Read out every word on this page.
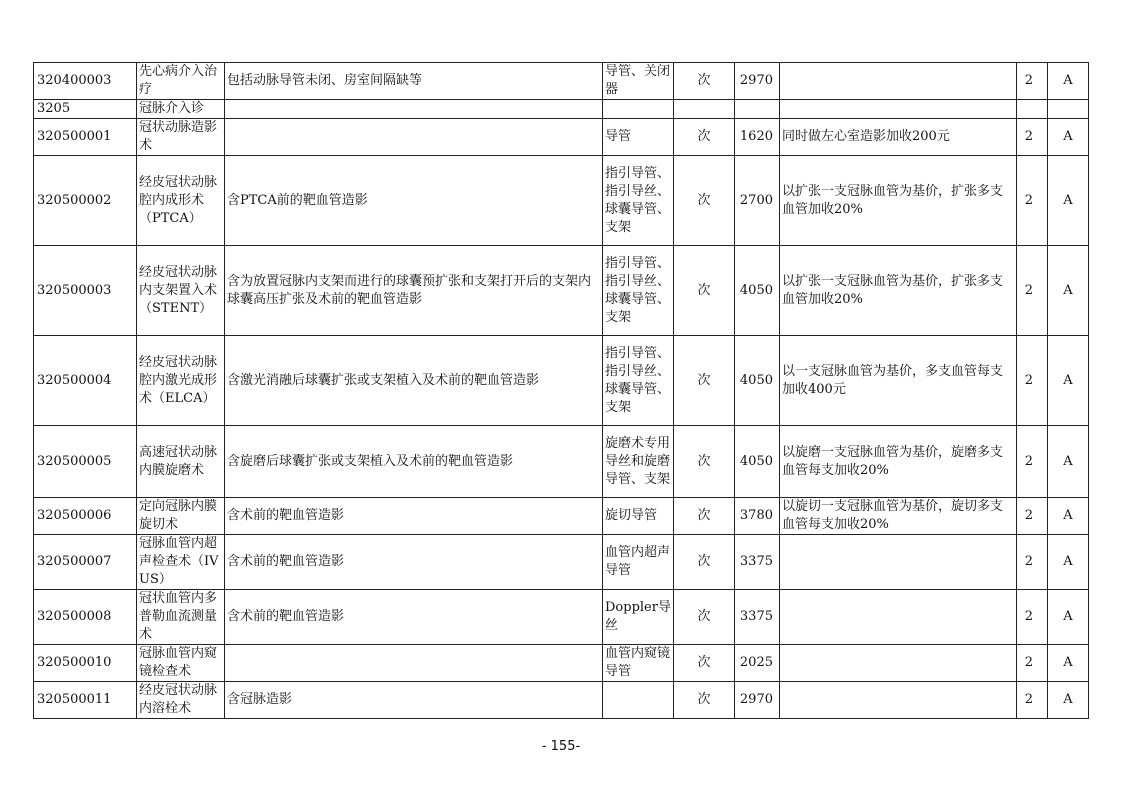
320400003	先心病介入治疗	包括动脉导管未闭、房室间隔缺等	导管、关闭器	次	2970		2	A
3205	冠脉介入诊							
320500001	冠状动脉造影术		导管	次	1620	同时做左心室造影加收200元	2	A
320500002	经皮冠状动脉腔内成形术（PTCA）	含PTCA前的靶血管造影	指引导管、指引导丝、球囊导管、支架	次	2700	以扩张一支冠脉血管为基价，扩张多支血管加收20%	2	A
320500003	经皮冠状动脉内支架置入术（STENT）	含为放置冠脉内支架而进行的球囊预扩张和支架打开后的支架内球囊高压扩张及术前的靶血管造影	指引导管、指引导丝、球囊导管、支架	次	4050	以扩张一支冠脉血管为基价，扩张多支血管加收20%	2	A
320500004	经皮冠状动脉腔内激光成形术（ELCA）	含激光消融后球囊扩张或支架植入及术前的靶血管造影	指引导管、指引导丝、球囊导管、支架	次	4050	以一支冠脉血管为基价，多支血管每支加收400元	2	A
320500005	高速冠状动脉内膜旋磨术	含旋磨后球囊扩张或支架植入及术前的靶血管造影	旋磨术专用导丝和旋磨导管、支架	次	4050	以旋磨一支冠脉血管为基价，旋磨多支血管每支加收20%	2	A
320500006	定向冠脉内膜旋切术	含术前的靶血管造影	旋切导管	次	3780	以旋切一支冠脉血管为基价，旋切多支血管每支加收20%	2	A
320500007	冠脉血管内超声检查术（IVUS）	含术前的靶血管造影	血管内超声导管	次	3375		2	A
320500008	冠状血管内多普勒血流测量术	含术前的靶血管造影	Doppler导丝	次	3375		2	A
320500010	冠脉血管内窥镜检查术		血管内窥镜导管	次	2025		2	A
320500011	经皮冠状动脉内溶栓术	含冠脉造影		次	2970		2	A
- 155-
